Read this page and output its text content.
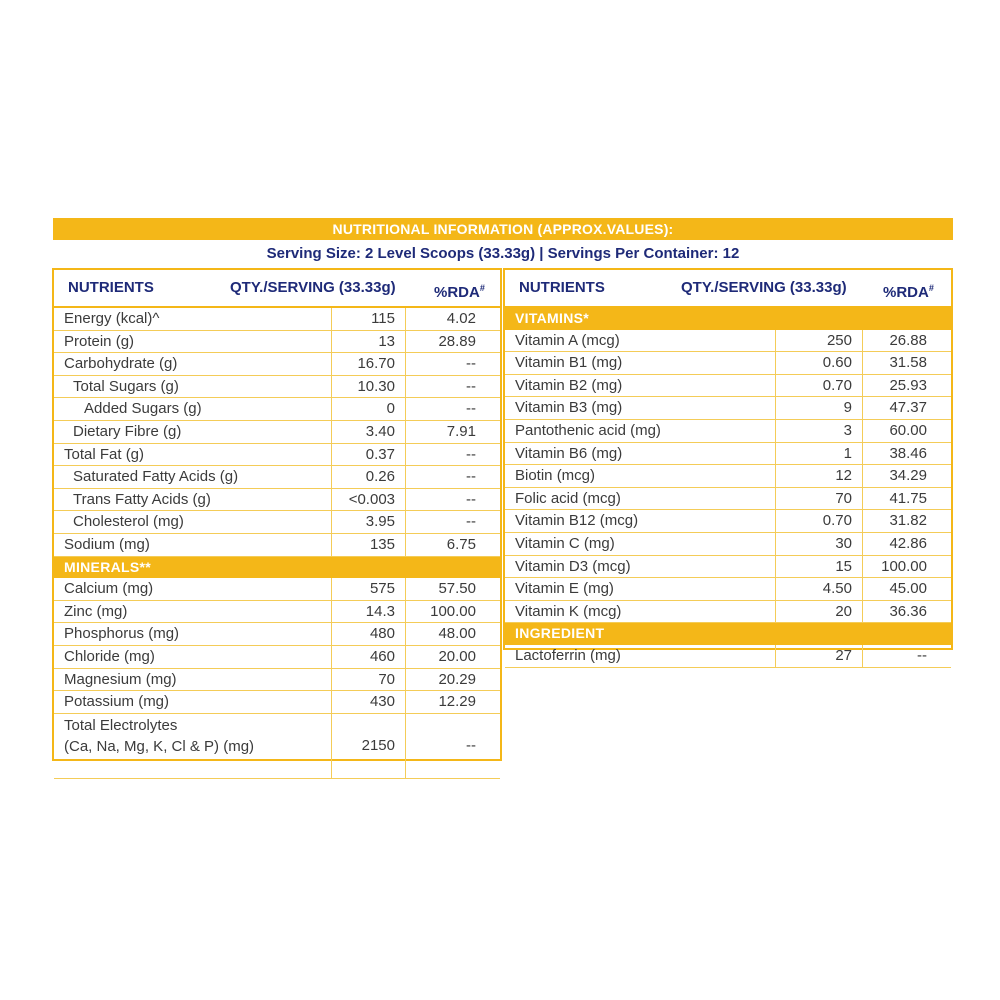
NUTRITIONAL INFORMATION (APPROX.VALUES):
Serving Size: 2 Level Scoops (33.33g) | Servings Per Container: 12
NUTRIENTS	QTY./SERVING (33.33g)	%RDA#
Energy (kcal)^	115	4.02
Protein (g)	13	28.89
Carbohydrate (g)	16.70	--
Total Sugars (g)	10.30	--
Added Sugars (g)	0	--
Dietary Fibre (g)	3.40	7.91
Total Fat (g)	0.37	--
Saturated Fatty Acids (g)	0.26	--
Trans Fatty Acids (g)	<0.003	--
Cholesterol (mg)	3.95	--
Sodium (mg)	135	6.75
MINERALS**
Calcium (mg)	575	57.50
Zinc (mg)	14.3	100.00
Phosphorus (mg)	480	48.00
Chloride (mg)	460	20.00
Magnesium (mg)	70	20.29
Potassium (mg)	430	12.29
Total Electrolytes
(Ca, Na, Mg, K, Cl & P) (mg)	2150	--
NUTRIENTS	QTY./SERVING (33.33g) %RDA#
VITAMINS*
Vitamin A (mcg)	250	26.88
Vitamin B1 (mg)	0.60	31.58
Vitamin B2 (mg)	0.70	25.93
Vitamin B3 (mg)	9	47.37
Pantothenic acid (mg)	3	60.00
Vitamin B6 (mg)	1	38.46
Biotin (mcg)	12	34.29
Folic acid (mcg)	70	41.75
Vitamin B12 (mcg)	0.70	31.82
Vitamin C (mg)	30	42.86
Vitamin D3 (mcg)	15	100.00
Vitamin E (mg)	4.50	45.00
Vitamin K (mcg)	20	36.36
INGREDIENT
Lactoferrin (mg)	27	--
